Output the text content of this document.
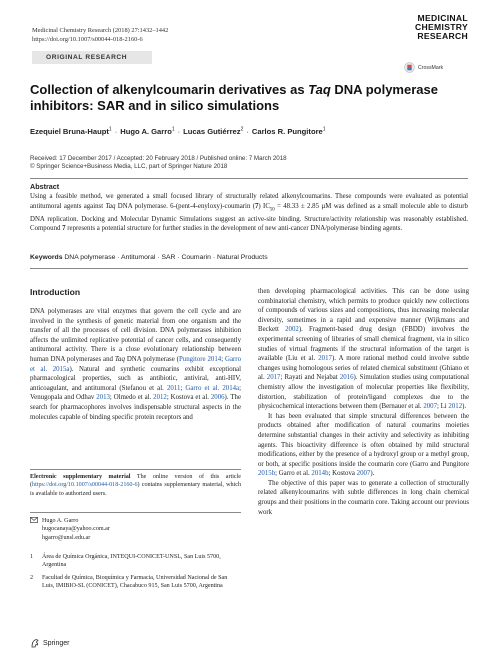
Medicinal Chemistry Research (2018) 27:1432–1442
https://doi.org/10.1007/s00044-018-2160-6
ORIGINAL RESEARCH
MEDICINAL
CHEMISTRY
RESEARCH
CrossMark
Collection of alkenylcoumarin derivatives as Taq DNA polymerase inhibitors: SAR and in silico simulations
Ezequiel Bruna-Haupt$^1$ · Hugo A. Garro$^1$ · Lucas Gutiérrez$^2$ · Carlos R. Pungitore$^1$
Received: 17 December 2017 / Accepted: 20 February 2018 / Published online: 7 March 2018
© Springer Science+Business Media, LLC, part of Springer Nature 2018
Abstract
Using a feasible method, we generated a small focused library of structurally related alkenylcoumarins. These compounds were evaluated as potential antitumoral agents against Taq DNA polymerase. 6-(pent-4-enyloxy)-coumarin (7) $IC_{50} = 48.33 \pm 2.85$ µM was defined as a small molecule able to disturb DNA replication. Docking and Molecular Dynamic Simulations suggest an active-site binding. Structure/activity relationship was reasonably established. Compound 7 represents a potential structure for further studies in the development of new anti-cancer DNA/polymerase binding agents.
Keywords DNA polymerase · Antitumoral · SAR · Coumarin · Natural Products
Introduction

DNA polymerases are vital enzymes that govern the cell cycle and are involved in the synthesis of genetic material from one organism and the transfer of all the processes of cell division. DNA polymerases inhibition affects the unlimited replicative potential of cancer cells, and consequently antitumoral activity. There is a close evolutionary relationship between human DNA polymerases and Taq DNA polymerase (Pungitore 2014; Garro et al. 2015a). Natural and synthetic coumarins exhibit exceptional pharmacological properties, such as antibiotic, antiviral, anti-HIV, anticoagulant, and antitumoral (Stefanou et al. 2011; Garro et al. 2014a; Venugopala and Odhav 2013; Olmedo et al. 2012; Kostova et al. 2006). The search for pharmacophores involves indispensable structural aspects in the molecules capable of binding specific protein receptors and

Electronic supplementary material The online version of this article (https://doi.org/10.1007/s00044-018-2160-6) contains supplementary material, which is available to authorized users.
Hugo A. Garro
hugocanaya@yahoo.com.ar
hgarro@unsl.edu.ar
1	Área de Química Orgánica, INTEQUI-CONICET-UNSL, San Luis 5700, Argentina
2	Facultad de Química, Bioquímica y Farmacia, Universidad Nacional de San Luis, IMIBIO-SL (CONICET), Chacabuco 915, San Luis 5700, Argentina
Springer

then developing pharmacological activities. This can be done using combinatorial chemistry, which permits to produce quickly new collections of compounds of various sizes and compositions, thus increasing molecular diversity, sometimes in a rapid and expensive manner (Wijkmans and Beckett 2002). Fragment-based drug design (FBDD) involves the experimental screening of libraries of small chemical fragment, via in silico studies of virtual fragments if the structural information of the target is available (Liu et al. 2017). A more rational method could involve subtle changes using homologous series of related chemical substituent (Ghiano et al. 2017; Rayati and Nejabat 2016). Simulation studies using computational chemistry allow the investigation of molecular properties like flexibility, distortion, stabilization of protein/ligand complexes due to the physicochemical interactions between them (Bernauer et al. 2007; Li 2012).

It has been evaluated that simple structural differences between the products obtained after modification of natural coumarins moieties determine substantial changes in their activity and selectivity as inhibiting agents. This bioactivity difference is often obtained by mild structural modifications, either by the presence of a hydroxyl group or a methyl group, or both, at specific positions inside the coumarin core (Garro and Pungitore 2015b; Garro et al. 2014b; Kostova 2007).

The objective of this paper was to generate a collection of structurally related alkenylcoumarins with subtle differences in long chain chemical groups and their positions in the coumarin core. Taking account our previous work
